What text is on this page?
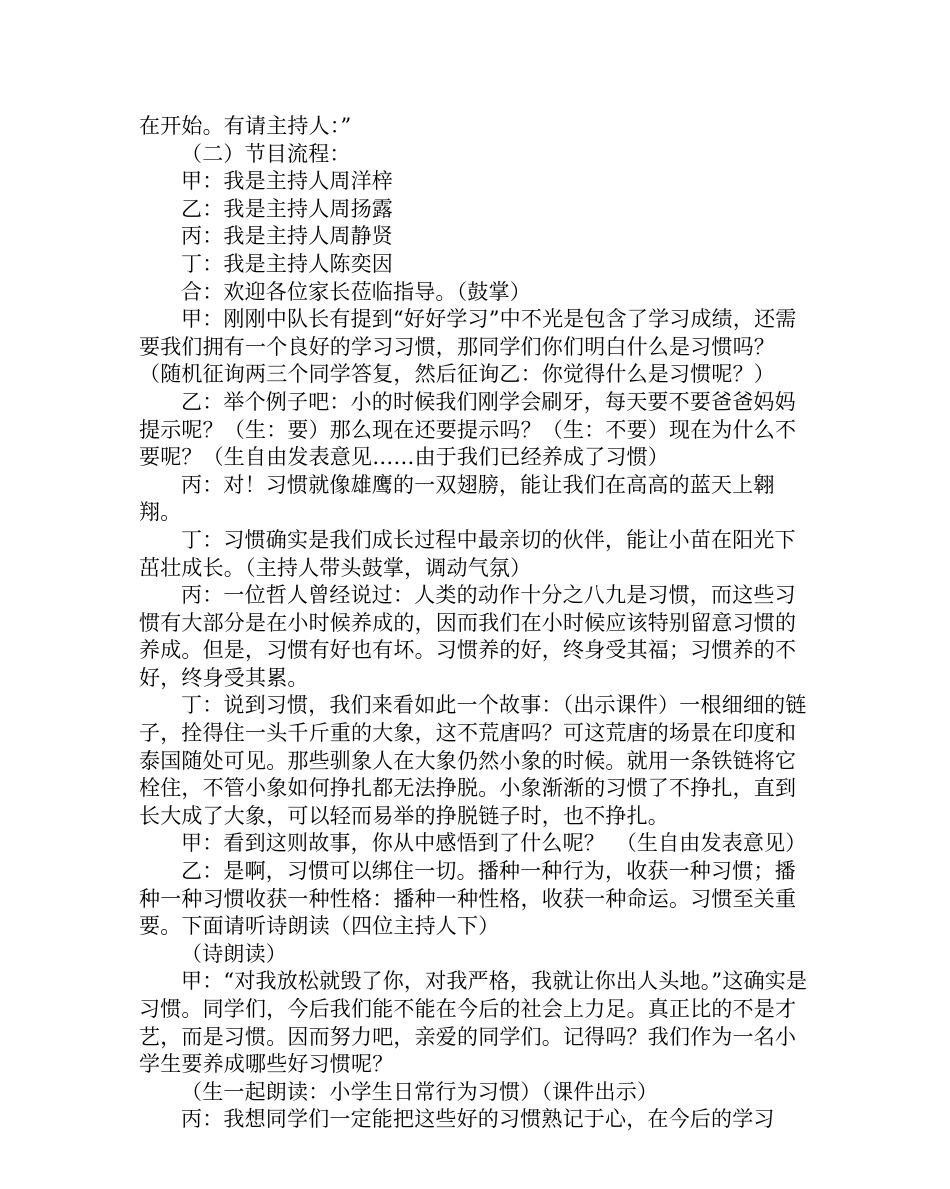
在开始。有请主持人：”

（二）节目流程：

甲：我是主持人周洋梓

乙：我是主持人周扬露

丙：我是主持人周静贤

丁：我是主持人陈奕因

合：欢迎各位家长莅临指导。（鼓掌）

甲：刚刚中队长有提到“好好学习”中不光是包含了学习成绩，还需要我们拥有一个良好的学习习惯，那同学们你们明白什么是习惯吗？（随机征询两三个同学答复，然后征询乙：你觉得什么是习惯呢？）

乙：举个例子吧：小的时候我们刚学会刷牙，每天要不要爸爸妈妈提示呢？（生：要）那么现在还要提示吗？（生：不要）现在为什么不要呢？（生自由发表意见……由于我们已经养成了习惯）

丙：对！习惯就像雄鹰的一双翅膀，能让我们在高高的蓝天上翱翔。

丁：习惯确实是我们成长过程中最亲切的伙伴，能让小苗在阳光下茁壮成长。（主持人带头鼓掌，调动气氛）

丙：一位哲人曾经说过：人类的动作十分之八九是习惯，而这些习惯有大部分是在小时候养成的，因而我们在小时候应该特别留意习惯的养成。但是，习惯有好也有坏。习惯养的好，终身受其福；习惯养的不好，终身受其累。

丁：说到习惯，我们来看如此一个故事：（出示课件）一根细细的链子，拴得住一头千斤重的大象，这不荒唐吗？可这荒唐的场景在印度和泰国随处可见。那些驯象人在大象仍然小象的时候。就用一条铁链将它栓住，不管小象如何挣扎都无法挣脱。小象渐渐的习惯了不挣扎，直到长大成了大象，可以轻而易举的挣脱链子时，也不挣扎。

甲：看到这则故事，你从中感悟到了什么呢？　（生自由发表意见）

乙：是啊，习惯可以绑住一切。播种一种行为，收获一种习惯；播种一种习惯收获一种性格：播种一种性格，收获一种命运。习惯至关重要。下面请听诗朗读（四位主持人下）

（诗朗读）

甲：“对我放松就毁了你，对我严格，我就让你出人头地。”这确实是习惯。同学们，今后我们能不能在今后的社会上力足。真正比的不是才艺，而是习惯。因而努力吧，亲爱的同学们。记得吗？我们作为一名小学生要养成哪些好习惯呢？

（生一起朗读：小学生日常行为习惯）（课件出示）

丙：我想同学们一定能把这些好的习惯熟记于心，在今后的学习
